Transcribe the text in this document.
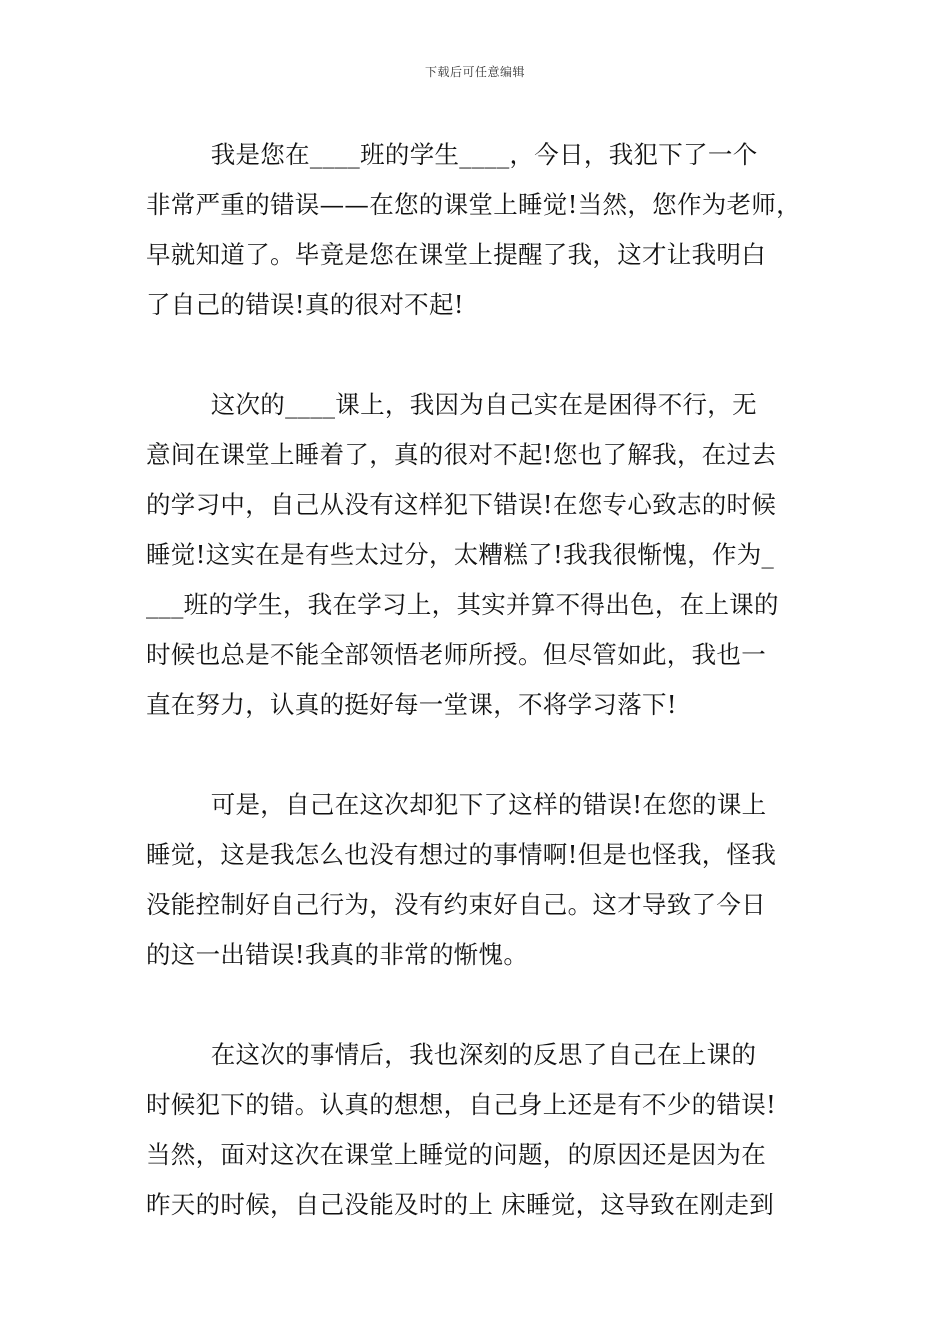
下载后可任意编辑
我是您在____班的学生____，今日，我犯下了一个
非常严重的错误——在您的课堂上睡觉!当然，您作为老师，
早就知道了。毕竟是您在课堂上提醒了我，这才让我明白
了自己的错误!真的很对不起!
这次的____课上，我因为自己实在是困得不行，无
意间在课堂上睡着了，真的很对不起!您也了解我，在过去
的学习中，自己从没有这样犯下错误!在您专心致志的时候
睡觉!这实在是有些太过分，太糟糕了!我我很惭愧，作为_
___班的学生，我在学习上，其实并算不得出色，在上课的
时候也总是不能全部领悟老师所授。但尽管如此，我也一
直在努力，认真的挺好每一堂课，不将学习落下!
可是，自己在这次却犯下了这样的错误!在您的课上
睡觉，这是我怎么也没有想过的事情啊!但是也怪我，怪我
没能控制好自己行为，没有约束好自己。这才导致了今日
的这一出错误!我真的非常的惭愧。
在这次的事情后，我也深刻的反思了自己在上课的
时候犯下的错。认真的想想，自己身上还是有不少的错误!
当然，面对这次在课堂上睡觉的问题，的原因还是因为在
昨天的时候，自己没能及时的上 床睡觉，这导致在刚走到
